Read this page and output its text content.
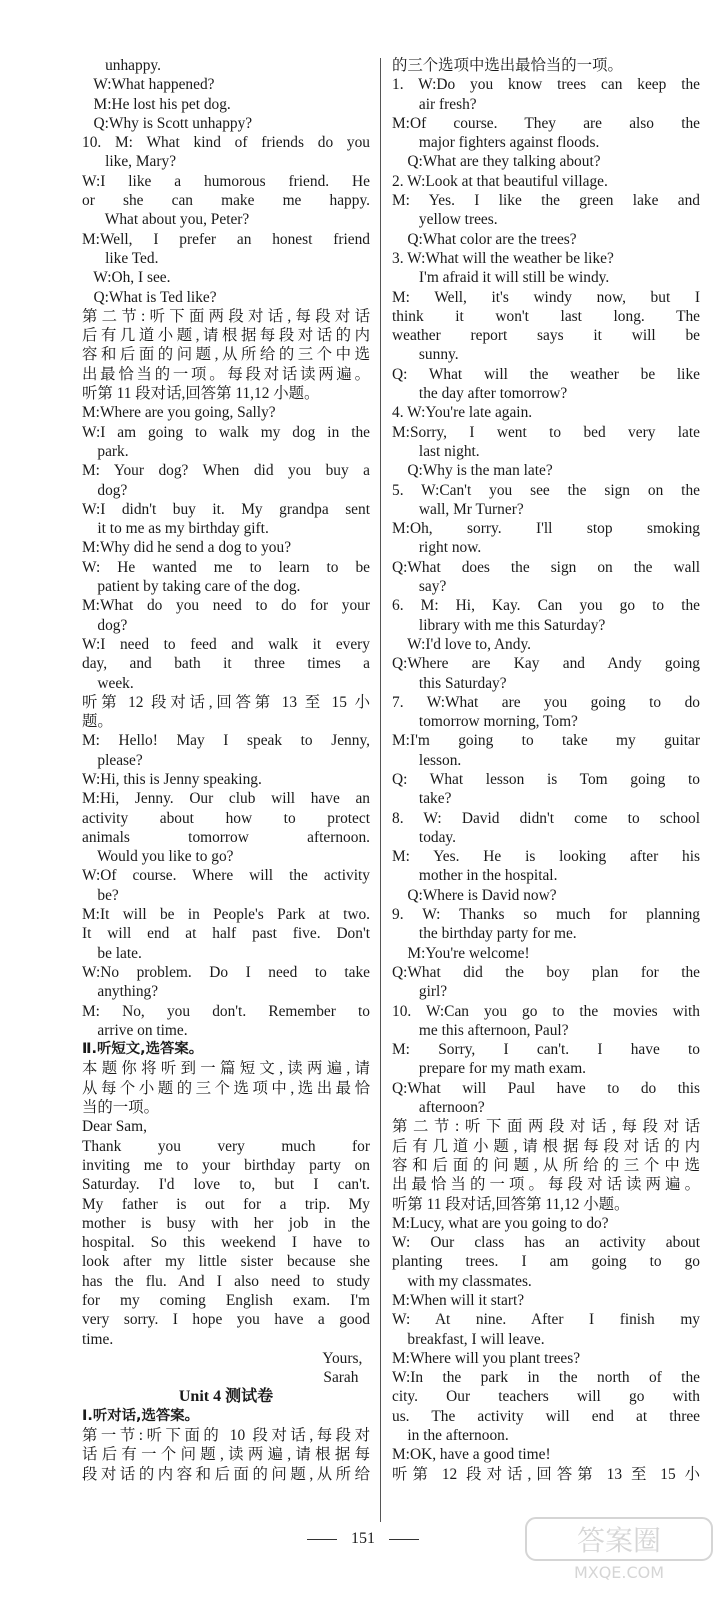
unhappy.
W:What happened?
M:He lost his pet dog.
Q:Why is Scott unhappy?
10. M: What kind of friends do you
like, Mary?
W:I like a humorous friend. He
or she can make me happy.
What about you, Peter?
M:Well, I prefer an honest friend
like Ted.
W:Oh, I see.
Q:What is Ted like?
第二节:听下面两段对话,每段对话
后有几道小题,请根据每段对话的内
容和后面的问题,从所给的三个中选
出最恰当的一项。每段对话读两遍。
听第 11 段对话,回答第 11,12 小题。
M:Where are you going, Sally?
W:I am going to walk my dog in the
park.
M: Your dog? When did you buy a
dog?
W:I didn't buy it. My grandpa sent
it to me as my birthday gift.
M:Why did he send a dog to you?
W: He wanted me to learn to be
patient by taking care of the dog.
M:What do you need to do for your
dog?
W:I need to feed and walk it every
day, and bath it three times a
week.
听第 12 段对话,回答第 13 至 15 小
题。
M: Hello! May I speak to Jenny,
please?
W:Hi, this is Jenny speaking.
M:Hi, Jenny. Our club will have an
activity about how to protect
animals tomorrow afternoon.
Would you like to go?
W:Of course. Where will the activity
be?
M:It will be in People's Park at two.
It will end at half past five. Don't
be late.
W:No problem. Do I need to take
anything?
M: No, you don't. Remember to
arrive on time.
Ⅱ.听短文,选答案。
本题你将听到一篇短文,读两遍,请
从每个小题的三个选项中,选出最恰
当的一项。
Dear Sam,
Thank you very much for
inviting me to your birthday party on
Saturday. I'd love to, but I can't.
My father is out for a trip. My
mother is busy with her job in the
hospital. So this weekend I have to
look after my little sister because she
has the flu. And I also need to study
for my coming English exam. I'm
very sorry. I hope you have a good
time.
Yours,
Sarah
Unit 4 测试卷
Ⅰ.听对话,选答案。
第一节:听下面的 10 段对话,每段对
话后有一个问题,读两遍,请根据每
段对话的内容和后面的问题,从所给
的三个选项中选出最恰当的一项。
1. W:Do you know trees can keep the
air fresh?
M:Of course. They are also the
major fighters against floods.
Q:What are they talking about?
2. W:Look at that beautiful village.
M: Yes. I like the green lake and
yellow trees.
Q:What color are the trees?
3. W:What will the weather be like?
I'm afraid it will still be windy.
M: Well, it's windy now, but I
think it won't last long. The
weather report says it will be
sunny.
Q: What will the weather be like
the day after tomorrow?
4. W:You're late again.
M:Sorry, I went to bed very late
last night.
Q:Why is the man late?
5. W:Can't you see the sign on the
wall, Mr Turner?
M:Oh, sorry. I'll stop smoking
right now.
Q:What does the sign on the wall
say?
6. M: Hi, Kay. Can you go to the
library with me this Saturday?
W:I'd love to, Andy.
Q:Where are Kay and Andy going
this Saturday?
7. W:What are you going to do
tomorrow morning, Tom?
M:I'm going to take my guitar
lesson.
Q: What lesson is Tom going to
take?
8. W: David didn't come to school
today.
M: Yes. He is looking after his
mother in the hospital.
Q:Where is David now?
9. W: Thanks so much for planning
the birthday party for me.
M:You're welcome!
Q:What did the boy plan for the
girl?
10. W:Can you go to the movies with
me this afternoon, Paul?
M: Sorry, I can't. I have to
prepare for my math exam.
Q:What will Paul have to do this
afternoon?
第二节:听下面两段对话,每段对话
后有几道小题,请根据每段对话的内
容和后面的问题,从所给的三个中选
出最恰当的一项。每段对话读两遍。
听第 11 段对话,回答第 11,12 小题。
M:Lucy, what are you going to do?
W: Our class has an activity about
planting trees. I am going to go
with my classmates.
M:When will it start?
W: At nine. After I finish my
breakfast, I will leave.
M:Where will you plant trees?
W:In the park in the north of the
city. Our teachers will go with
us. The activity will end at three
in the afternoon.
M:OK, have a good time!
听第 12 段对话,回答第 13 至 15 小
151	答案圈
MXQE.COM
